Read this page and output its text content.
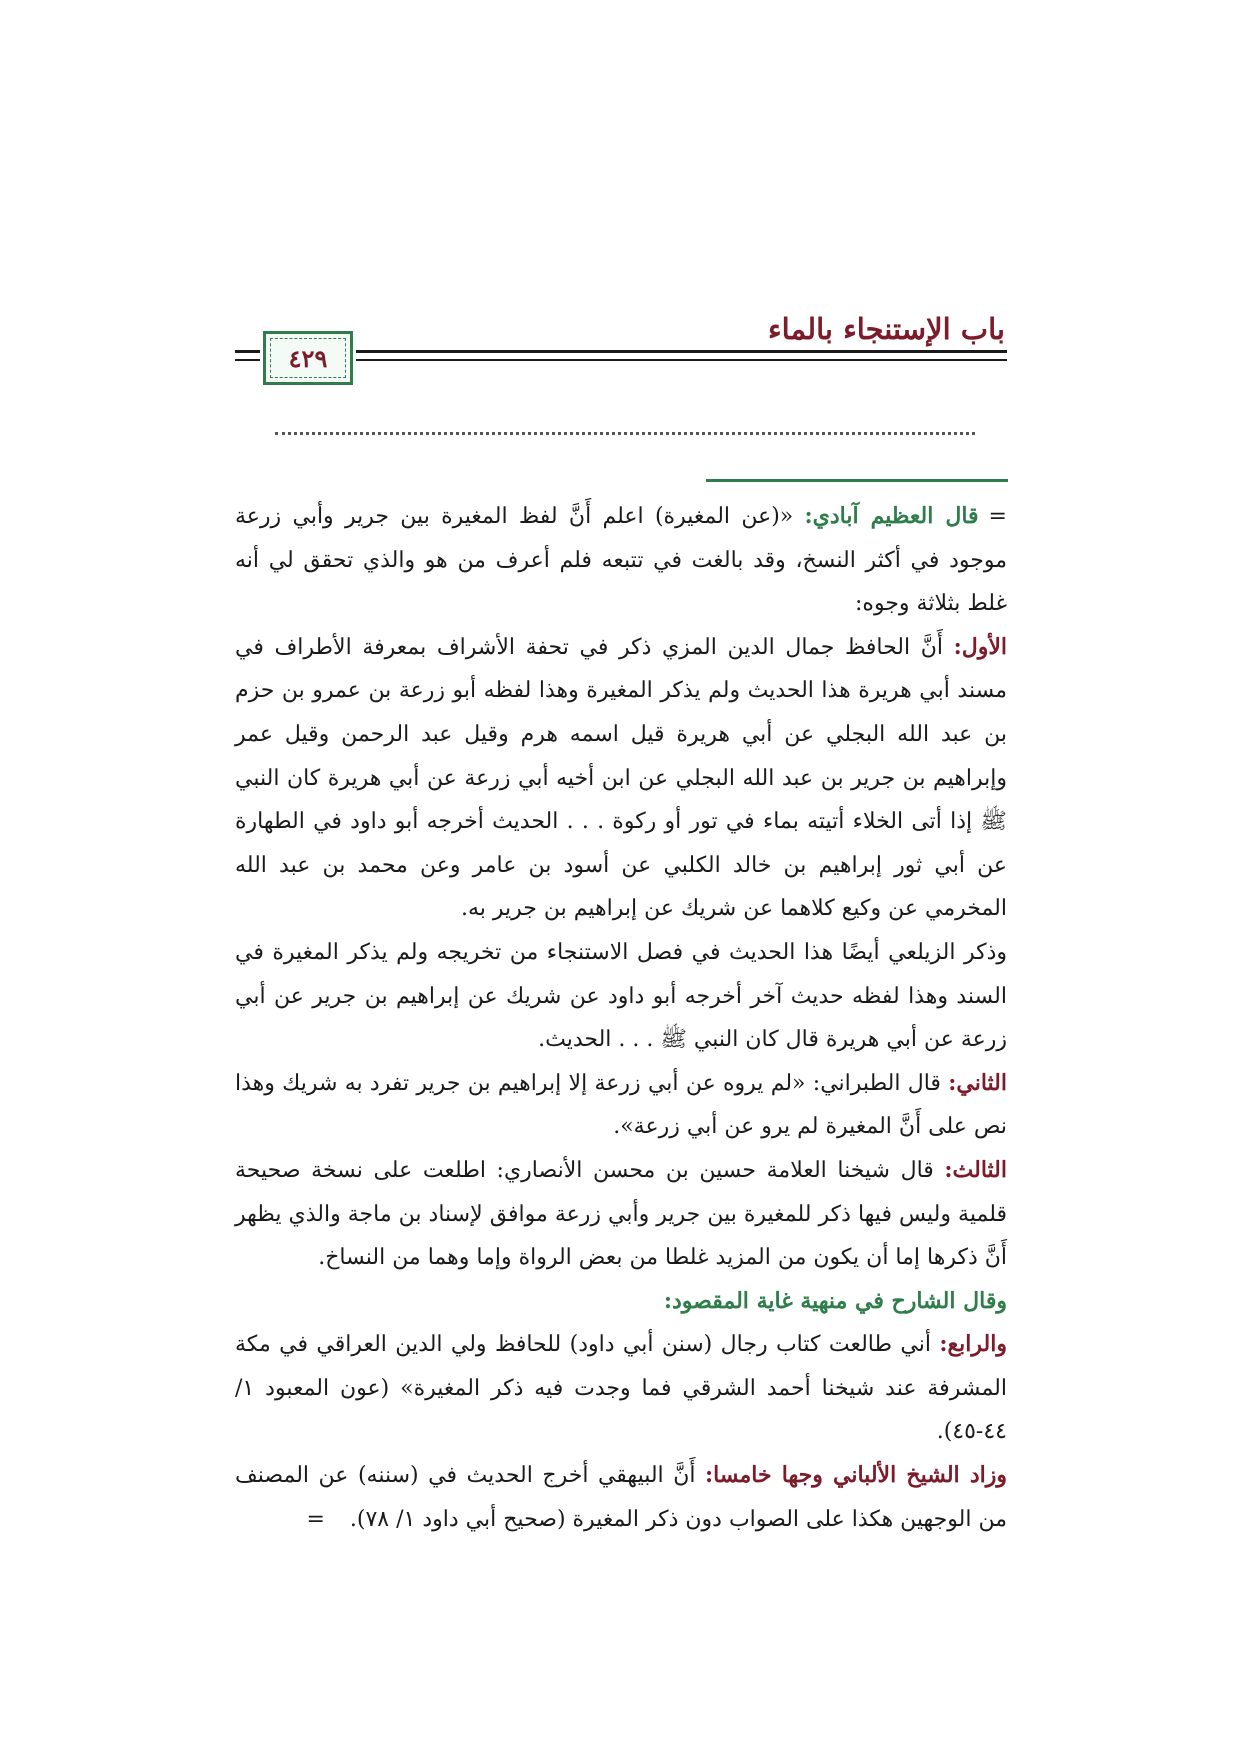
باب الإستنجاء بالماء
٤٢٩

=قال العظيم آبادي: «(عن المغيرة) اعلم أَنَّ لفظ المغيرة بين جرير وأبي زرعة موجود في أكثر النسخ، وقد بالغت في تتبعه فلم أعرف من هو والذي تحقق لي أنه غلط بثلاثة وجوه:

الأول: أَنَّ الحافظ جمال الدين المزي ذكر في تحفة الأشراف بمعرفة الأطراف في مسند أبي هريرة هذا الحديث ولم يذكر المغيرة وهذا لفظه أبو زرعة بن عمرو بن حزم بن عبد الله البجلي عن أبي هريرة قيل اسمه هرم وقيل عبد الرحمن وقيل عمر وإبراهيم بن جرير بن عبد الله البجلي عن ابن أخيه أبي زرعة عن أبي هريرة كان النبي ﷺ إذا أتى الخلاء أتيته بماء في تور أو ركوة . . . الحديث أخرجه أبو داود في الطهارة عن أبي ثور إبراهيم بن خالد الكلبي عن أسود بن عامر وعن محمد بن عبد الله المخرمي عن وكيع كلاهما عن شريك عن إبراهيم بن جرير به.

وذكر الزيلعي أيضًا هذا الحديث في فصل الاستنجاء من تخريجه ولم يذكر المغيرة في السند وهذا لفظه حديث آخر أخرجه أبو داود عن شريك عن إبراهيم بن جرير عن أبي زرعة عن أبي هريرة قال كان النبي ﷺ . . . الحديث.

الثاني: قال الطبراني: «لم يروه عن أبي زرعة إلا إبراهيم بن جرير تفرد به شريك وهذا نص على أَنَّ المغيرة لم يرو عن أبي زرعة».

الثالث: قال شيخنا العلامة حسين بن محسن الأنصاري: اطلعت على نسخة صحيحة قلمية وليس فيها ذكر للمغيرة بين جرير وأبي زرعة موافق لإسناد بن ماجة والذي يظهر أَنَّ ذكرها إما أن يكون من المزيد غلطا من بعض الرواة وإما وهما من النساخ.

وقال الشارح في منهية غاية المقصود:

والرابع: أني طالعت كتاب رجال (سنن أبي داود) للحافظ ولي الدين العراقي في مكة المشرفة عند شيخنا أحمد الشرقي فما وجدت فيه ذكر المغيرة» (عون المعبود ١/ ٤٤-٤٥).

وزاد الشيخ الألباني وجها خامسا: أَنَّ البيهقي أخرج الحديث في (سننه) عن المصنف من الوجهين هكذا على الصواب دون ذكر المغيرة (صحيح أبي داود ١/ ٧٨). =
